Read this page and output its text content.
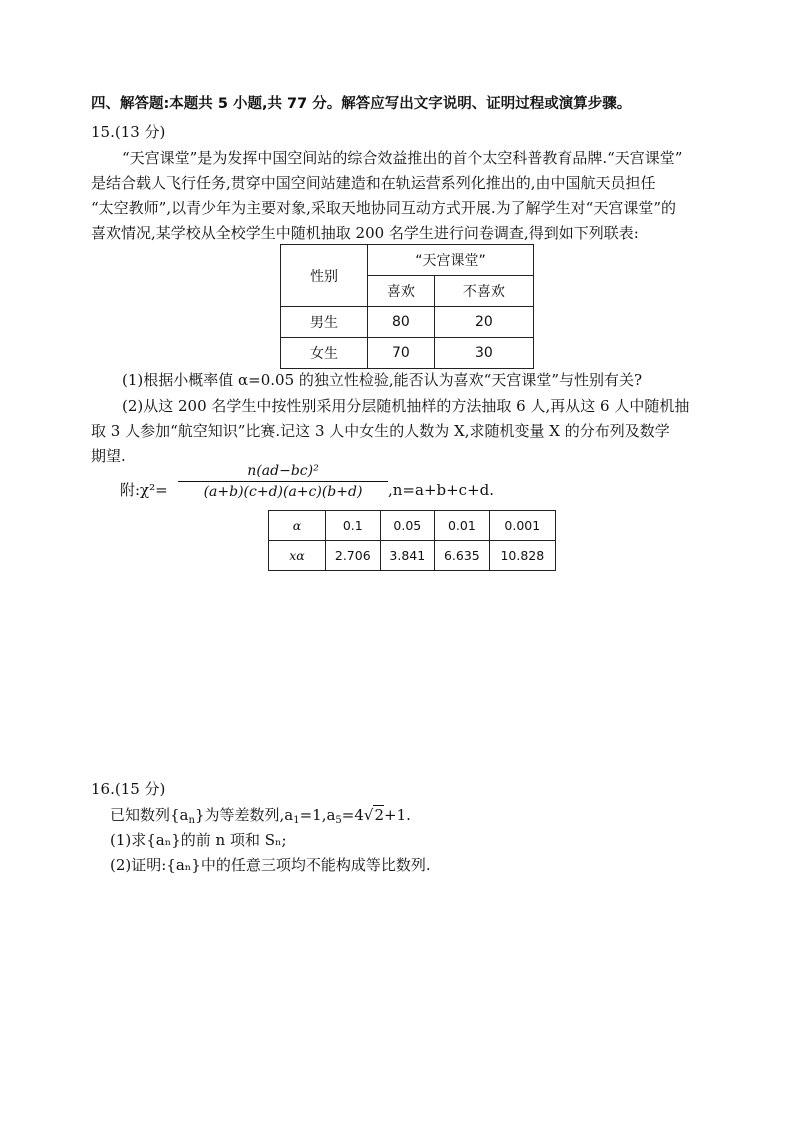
四、解答题:本题共 5 小题,共 77 分。解答应写出文字说明、证明过程或演算步骤。
15.(13 分)
“天宫课堂”是为发挥中国空间站的综合效益推出的首个太空科普教育品牌.“天宫课堂”
是结合载人飞行任务,贯穿中国空间站建造和在轨运营系列化推出的,由中国航天员担任
“太空教师”,以青少年为主要对象,采取天地协同互动方式开展.为了解学生对“天宫课堂”的
喜欢情况,某学校从全校学生中随机抽取 200 名学生进行问卷调查,得到如下列联表:
性别	“天宫课堂”	
	喜欢	不喜欢
男生	80	20
女生	70	30
(1)根据小概率值 α=0.05 的独立性检验,能否认为喜欢“天宫课堂”与性别有关?
(2)从这 200 名学生中按性别采用分层随机抽样的方法抽取 6 人,再从这 6 人中随机抽
取 3 人参加“航空知识”比赛.记这 3 人中女生的人数为 X,求随机变量 X 的分布列及数学
期望.
附:χ²=
n(ad−bc)²
(a+b)(c+d)(a+c)(b+d)	,n=a+b+c+d.
α	0.1	0.05	0.01	0.001
xα	2.706	3.841	6.635	10.828
16.(15 分)
已知数列$\{a_n\}$为等差数列$,a_1=1,a_5=4√2+1$.
(1)求{aₙ}的前 n 项和 Sₙ;
(2)证明:{aₙ}中的任意三项均不能构成等比数列.
